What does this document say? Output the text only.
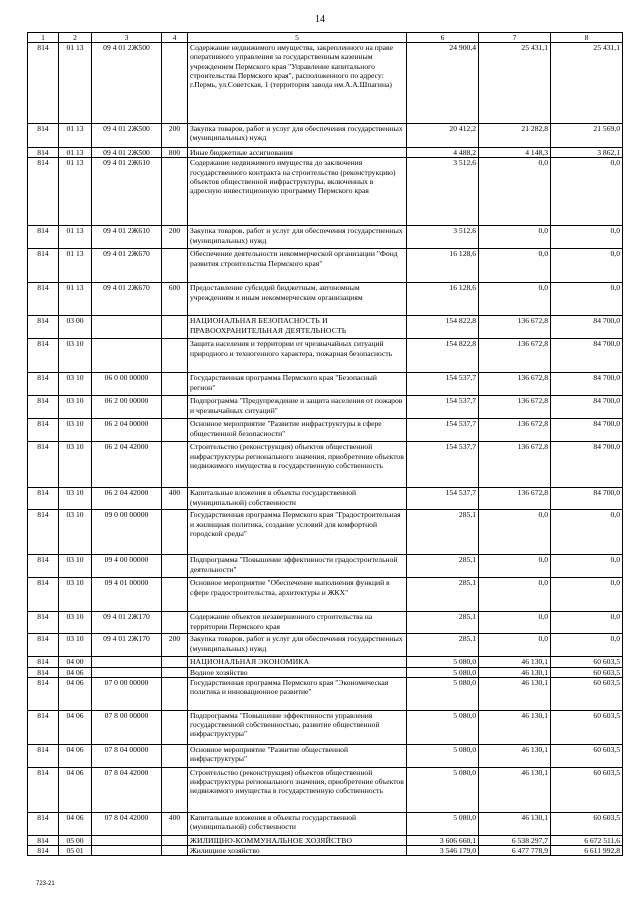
14
1	2	3	4	5	6	7	8
814	01 13	09 4 01 2Ж500		Содержание недвижимого имущества, закрепленного на праве оперативного управления за государственным казенным учреждением Пермского края "Управление капитального строительства Пермского края", расположенного по адресу: г.Пермь, ул.Советская, 1 (территория завода им.А.А.Шпагина)	24 900,4	25 431,1	25 431,1
814	01 13	09 4 01 2Ж500	200	Закупка товаров, работ и услуг для обеспечения государственных (муниципальных) нужд	20 412,2	21 282,8	21 569,0
814	01 13	09 4 01 2Ж500	800	Иные бюджетные ассигнования	4 488,2	4 148,3	3 862,1
814	01 13	09 4 01 2Ж610		Содержание недвижимого имущества до заключения государственного контракта на строительство (реконструкцию) объектов общественной инфраструктуры, включенных в адресную инвестиционную программу Пермского края	3 512,6	0,0	0,0
814	01 13	09 4 01 2Ж610	200	Закупка товаров, работ и услуг для обеспечения государственных (муниципальных) нужд	3 512,6	0,0	0,0
814	01 13	09 4 01 2Ж670		Обеспечение деятельности некоммерческой организации "Фонд развития строительства Пермского края"	16 128,6	0,0	0,0
814	01 13	09 4 01 2Ж670	600	Предоставление субсидий бюджетным, автономным учреждениям и иным некоммерческим организациям	16 128,6	0,0	0,0
814	03 00			НАЦИОНАЛЬНАЯ БЕЗОПАСНОСТЬ И ПРАВООХРАНИТЕЛЬНАЯ ДЕЯТЕЛЬНОСТЬ	154 822,8	136 672,8	84 700,0
814	03 10			Защита населения и территории от чрезвычайных ситуаций природного и техногенного характера, пожарная безопасность	154 822,8	136 672,8	84 700,0
814	03 10	06 0 00 00000		Государственная программа Пермского края "Безопасный регион"	154 537,7	136 672,8	84 700,0
814	03 10	06 2 00 00000		Подпрограмма "Предупреждение и защита населения от пожаров и чрезвычайных ситуаций"	154 537,7	136 672,8	84 700,0
814	03 10	06 2 04 00000		Основное мероприятие "Развитие инфраструктуры в сфере общественной безопасности"	154 537,7	136 672,8	84 700,0
814	03 10	06 2 04 42000		Строительство (реконструкция) объектов общественной инфраструктуры регионального значения, приобретение объектов недвижимого имущества в государственную собственность	154 537,7	136 672,8	84 700,0
814	03 10	06 2 04 42000	400	Капитальные вложения в объекты государственной (муниципальной) собственности	154 537,7	136 672,8	84 700,0
814	03 10	09 0 00 00000		Государственная программа Пермского края "Градостроительная и жилищная политика, создание условий для комфортной городской среды"	285,1	0,0	0,0
814	03 10	09 4 00 00000		Подпрограмма "Повышение эффективности градостроительной деятельности"	285,1	0,0	0,0
814	03 10	09 4 01 00000		Основное мероприятие "Обеспечение выполнения функций в сфере градостроительства, архитектуры и ЖКХ"	285,1	0,0	0,0
814	03 10	09 4 01 2Ж170		Содержание объектов незавершенного строительства на территории Пермского края	285,1	0,0	0,0
814	03 10	09 4 01 2Ж170	200	Закупка товаров, работ и услуг для обеспечения государственных (муниципальных) нужд	285,1	0,0	0,0
814	04 00			НАЦИОНАЛЬНАЯ ЭКОНОМИКА	5 080,0	46 130,1	60 603,5
814	04 06			Водное хозяйство	5 080,0	46 130,1	60 603,5
814	04 06	07 0 00 00000		Государственная программа Пермского края "Экономическая политика и инновационное развитие"	5 080,0	46 130,1	60 603,5
814	04 06	07 8 00 00000		Подпрограмма "Повышение эффективности управления государственной собственностью, развитие общественной инфраструктуры"	5 080,0	46 130,1	60 603,5
814	04 06	07 8 04 00000		Основное мероприятие "Развитие общественной инфраструктуры"	5 080,0	46 130,1	60 603,5
814	04 06	07 8 04 42000		Строительство (реконструкция) объектов общественной инфраструктуры регионального значения, приобретение объектов недвижимого имущества в государственную собственность	5 080,0	46 130,1	60 603,5
814	04 06	07 8 04 42000	400	Капитальные вложения в объекты государственной (муниципальной) собственности	5 080,0	46 130,1	60 603,5
814	05 00			ЖИЛИЩНО-КОММУНАЛЬНОЕ ХОЗЯЙСТВО	3 606 660,1	6 538 297,7	6 672 511,6
814	05 01			Жилищное хозяйство	3 546 179,0	6 477 778,9	6 611 992,8
723-21
